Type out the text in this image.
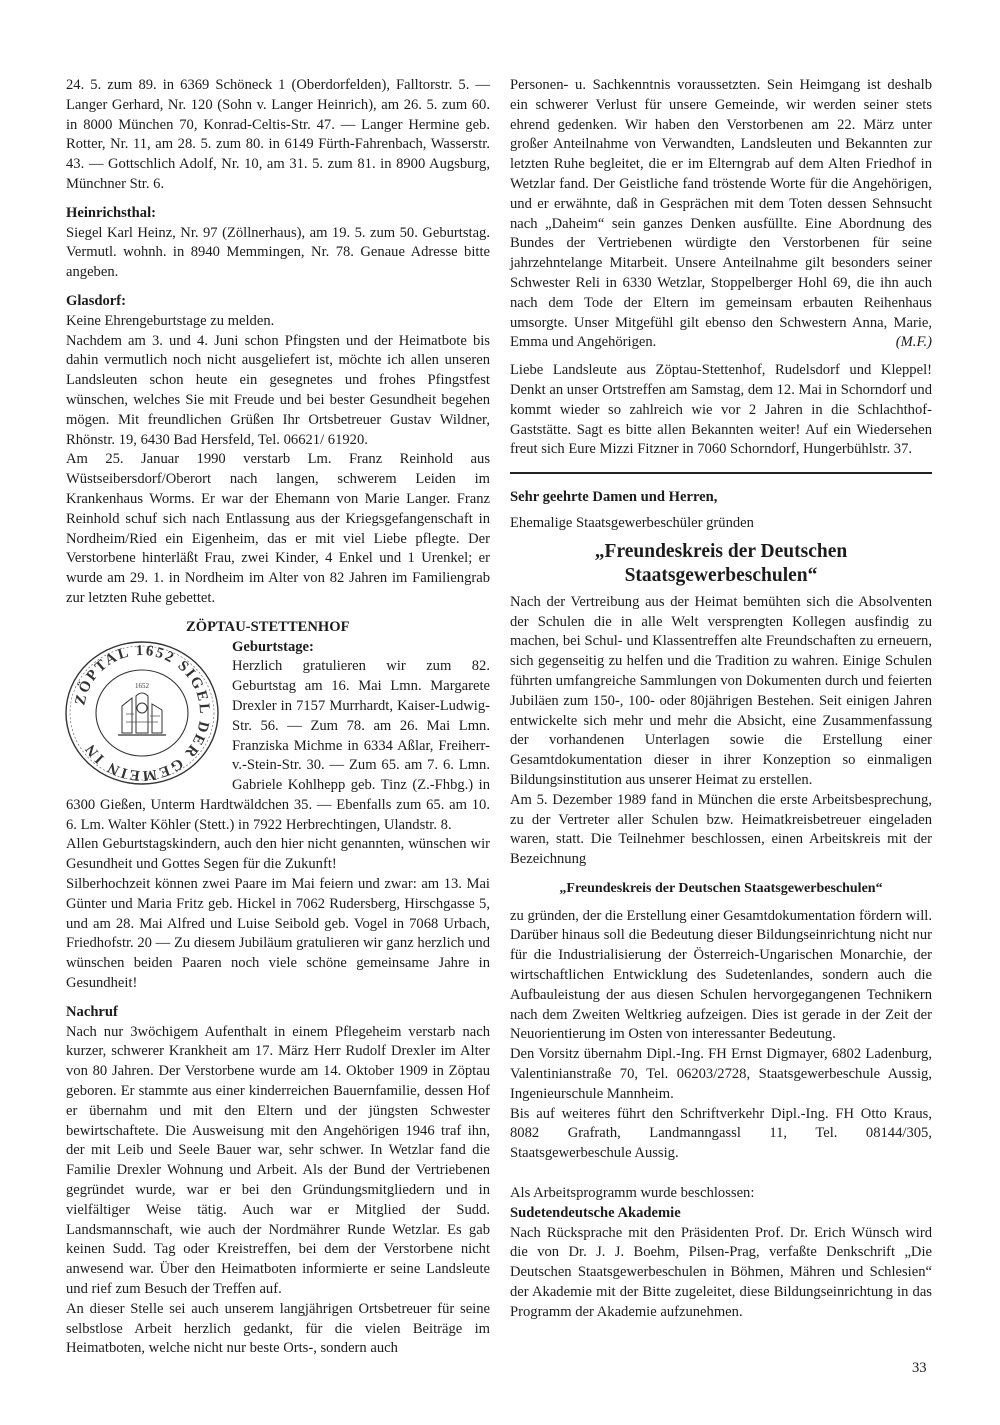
24. 5. zum 89. in 6369 Schöneck 1 (Oberdorfelden), Falltorstr. 5. — Langer Gerhard, Nr. 120 (Sohn v. Langer Heinrich), am 26. 5. zum 60. in 8000 München 70, Konrad-Celtis-Str. 47. — Langer Hermine geb. Rotter, Nr. 11, am 28. 5. zum 80. in 6149 Fürth-Fahrenbach, Wasserstr. 43. — Gottschlich Adolf, Nr. 10, am 31. 5. zum 81. in 8900 Augsburg, Münchner Str. 6.

Heinrichsthal:

Siegel Karl Heinz, Nr. 97 (Zöllnerhaus), am 19. 5. zum 50. Geburtstag. Vermutl. wohnh. in 8940 Memmingen, Nr. 78. Genaue Adresse bitte angeben.

Glasdorf:

Keine Ehrengeburtstage zu melden.

Nachdem am 3. und 4. Juni schon Pfingsten und der Heimatbote bis dahin vermutlich noch nicht ausgeliefert ist, möchte ich allen unseren Landsleuten schon heute ein gesegnetes und frohes Pfingstfest wünschen, welches Sie mit Freude und bei bester Gesundheit begehen mögen. Mit freundlichen Grüßen Ihr Ortsbetreuer Gustav Wildner, Rhönstr. 19, 6430 Bad Hersfeld, Tel. 06621/ 61920.

Am 25. Januar 1990 verstarb Lm. Franz Reinhold aus Wüstseibersdorf/Oberort nach langen, schwerem Leiden im Krankenhaus Worms. Er war der Ehemann von Marie Langer. Franz Reinhold schuf sich nach Entlassung aus der Kriegsgefangenschaft in Nordheim/Ried ein Eigenheim, das er mit viel Liebe pflegte. Der Verstorbene hinterläßt Frau, zwei Kinder, 4 Enkel und 1 Urenkel; er wurde am 29. 1. in Nordheim im Alter von 82 Jahren im Familiengrab zur letzten Ruhe gebettet.

ZÖPTAU-STETTENHOF

ZÖPTAL 1652 SIGEL DER GEMEIN IN
1652

Geburtstage:

Herzlich gratulieren wir zum 82. Geburtstag am 16. Mai Lmn. Margarete Drexler in 7157 Murrhardt, Kaiser-Ludwig-Str. 56. — Zum 78. am 26. Mai Lmn. Franziska Michme in 6334 Aßlar, Freiherr-v.-Stein-Str. 30. — Zum 65. am 7. 6. Lmn. Gabriele Kohlhepp geb. Tinz (Z.-Fhbg.) in 6300 Gießen, Unterm Hardtwäldchen 35. — Ebenfalls zum 65. am 10. 6. Lm. Walter Köhler (Stett.) in 7922 Herbrechtingen, Ulandstr. 8.

Allen Geburtstagskindern, auch den hier nicht genannten, wünschen wir Gesundheit und Gottes Segen für die Zukunft!

Silberhochzeit können zwei Paare im Mai feiern und zwar: am 13. Mai Günter und Maria Fritz geb. Hickel in 7062 Rudersberg, Hirschgasse 5, und am 28. Mai Alfred und Luise Seibold geb. Vogel in 7068 Urbach, Friedhofstr. 20 — Zu diesem Jubiläum gratulieren wir ganz herzlich und wünschen beiden Paaren noch viele schöne gemeinsame Jahre in Gesundheit!

Nachruf

Nach nur 3wöchigem Aufenthalt in einem Pflegeheim verstarb nach kurzer, schwerer Krankheit am 17. März Herr Rudolf Drexler im Alter von 80 Jahren. Der Verstorbene wurde am 14. Oktober 1909 in Zöptau geboren. Er stammte aus einer kinderreichen Bauernfamilie, dessen Hof er übernahm und mit den Eltern und der jüngsten Schwester bewirtschaftete. Die Ausweisung mit den Angehörigen 1946 traf ihn, der mit Leib und Seele Bauer war, sehr schwer. In Wetzlar fand die Familie Drexler Wohnung und Arbeit. Als der Bund der Vertriebenen gegründet wurde, war er bei den Gründungsmitgliedern und in vielfältiger Weise tätig. Auch war er Mitglied der Sudd. Landsmannschaft, wie auch der Nordmährer Runde Wetzlar. Es gab keinen Sudd. Tag oder Kreistreffen, bei dem der Verstorbene nicht anwesend war. Über den Heimatboten informierte er seine Landsleute und rief zum Besuch der Treffen auf.

An dieser Stelle sei auch unserem langjährigen Ortsbetreuer für seine selbstlose Arbeit herzlich gedankt, für die vielen Beiträge im Heimatboten, welche nicht nur beste Orts-, sondern auch

Personen- u. Sachkenntnis voraussetzten. Sein Heimgang ist deshalb ein schwerer Verlust für unsere Gemeinde, wir werden seiner stets ehrend gedenken. Wir haben den Verstorbenen am 22. März unter großer Anteilnahme von Verwandten, Landsleuten und Bekannten zur letzten Ruhe begleitet, die er im Elterngrab auf dem Alten Friedhof in Wetzlar fand. Der Geistliche fand tröstende Worte für die Angehörigen, und er erwähnte, daß in Gesprächen mit dem Toten dessen Sehnsucht nach „Daheim“ sein ganzes Denken ausfüllte. Eine Abordnung des Bundes der Vertriebenen würdigte den Verstorbenen für seine jahrzehntelange Mitarbeit. Unsere Anteilnahme gilt besonders seiner Schwester Reli in 6330 Wetzlar, Stoppelberger Hohl 69, die ihn auch nach dem Tode der Eltern im gemeinsam erbauten Reihenhaus umsorgte. Unser Mitgefühl gilt ebenso den Schwestern Anna, Marie, Emma und Angehörigen.	(M.F.)

Liebe Landsleute aus Zöptau-Stettenhof, Rudelsdorf und Kleppel! Denkt an unser Ortstreffen am Samstag, dem 12. Mai in Schorndorf und kommt wieder so zahlreich wie vor 2 Jahren in die Schlachthof-Gaststätte. Sagt es bitte allen Bekannten weiter! Auf ein Wiedersehen freut sich Eure Mizzi Fitzner in 7060 Schorndorf, Hungerbühlstr. 37.

Sehr geehrte Damen und Herren,

Ehemalige Staatsgewerbeschüler gründen

„Freundeskreis der Deutschen
Staatsgewerbeschulen“

Nach der Vertreibung aus der Heimat bemühten sich die Absolventen der Schulen die in alle Welt versprengten Kollegen ausfindig zu machen, bei Schul- und Klassentreffen alte Freundschaften zu erneuern, sich gegenseitig zu helfen und die Tradition zu wahren. Einige Schulen führten umfangreiche Sammlungen von Dokumenten durch und feierten Jubiläen zum 150-, 100- oder 80jährigen Bestehen. Seit einigen Jahren entwickelte sich mehr und mehr die Absicht, eine Zusammenfassung der vorhandenen Unterlagen sowie die Erstellung einer Gesamtdokumentation dieser in ihrer Konzeption so einmaligen Bildungsinstitution aus unserer Heimat zu erstellen.

Am 5. Dezember 1989 fand in München die erste Arbeitsbesprechung, zu der Vertreter aller Schulen bzw. Heimatkreisbetreuer eingeladen waren, statt. Die Teilnehmer beschlossen, einen Arbeitskreis mit der Bezeichnung

„Freundeskreis der Deutschen Staatsgewerbeschulen“

zu gründen, der die Erstellung einer Gesamtdokumentation fördern will. Darüber hinaus soll die Bedeutung dieser Bildungseinrichtung nicht nur für die Industrialisierung der Österreich-Ungarischen Monarchie, der wirtschaftlichen Entwicklung des Sudetenlandes, sondern auch die Aufbauleistung der aus diesen Schulen hervorgegangenen Technikern nach dem Zweiten Weltkrieg aufzeigen. Dies ist gerade in der Zeit der Neuorientierung im Osten von interessanter Bedeutung.

Den Vorsitz übernahm Dipl.-Ing. FH Ernst Digmayer, 6802 Ladenburg, Valentinianstraße 70, Tel. 06203/2728, Staatsgewerbeschule Aussig, Ingenieurschule Mannheim.

Bis auf weiteres führt den Schriftverkehr Dipl.-Ing. FH Otto Kraus, 8082 Grafrath, Landmanngassl 11, Tel. 08144/305, Staatsgewerbeschule Aussig.

Als Arbeitsprogramm wurde beschlossen:

Sudetendeutsche Akademie

Nach Rücksprache mit den Präsidenten Prof. Dr. Erich Wünsch wird die von Dr. J. J. Boehm, Pilsen-Prag, verfaßte Denkschrift „Die Deutschen Staatsgewerbeschulen in Böhmen, Mähren und Schlesien“ der Akademie mit der Bitte zugeleitet, diese Bildungseinrichtung in das Programm der Akademie aufzunehmen.

33
